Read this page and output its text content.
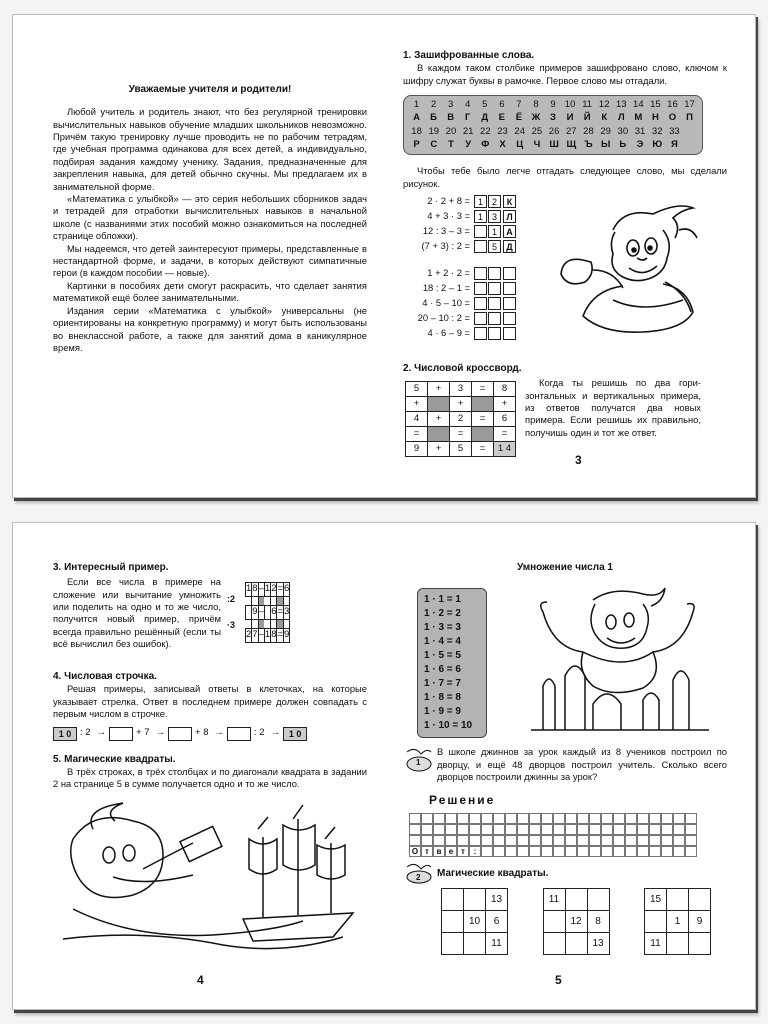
Уважаемые учителя и родители!

Любой учитель и родитель знают, что без регулярной тренировки вычислительных навыков обучение младших школьников невозможно. Причём такую тренировку лучше проводить не по рабочим тетрадям, где учебная программа одинакова для всех детей, а индивидуально, подбирая задания каждому ученику. Задания, предназначенные для закрепления навыка, для детей обычно скучны. Мы предлагаем их в занимательной форме.

«Математика с улыбкой» — это серия небольших сборников задач и тетрадей для отработки вычислительных навыков в начальной школе (с названиями этих пособий можно ознакомиться на последней странице обложки).

Мы надеемся, что детей заинтересуют примеры, представленные в нестандартной форме, и задачи, в которых действуют симпатичные герои (в каждом пособии — новые).

Картинки в пособиях дети смогут раскрасить, что сделает занятия математикой ещё более занимательными.

Издания серии «Математика с улыбкой» универсальны (не ориентированы на конкретную программу) и могут быть использованы во внеклассной работе, а также для занятий дома в каникулярное время.

1. Зашифрованные слова.

В каждом таком столбике примеров зашифровано слово, ключом к шифру служат буквы в рамочке. Первое слово мы отгадали.

1	2	3	4	5	6	7	8	9 10 11 12 13 14 15 16 17
А	Б	В	Г	Д	Е	Ё	Ж	З	И	Й	К	Л	М	Н	О	П
18 19 20 21 22 23 24 25 26 27 28 29 30 31 32 33
Р	С	Т	У	Ф	Х	Ц	Ч Ш Щ Ъ Ы Ь	Э Ю Я

Чтобы тебе было легче отгадать следующее слово, мы сделали рисунок.

2 · 2 + 8 = 1 2	К
4 + 3 · 3 = 1 3	Л
12 : 3 – 3 =	1	А
(7 + 3) : 2 =	5	Д
1 + 2 · 2 =
18 : 2 – 1 =
4 · 5 – 10 =
20 – 10 : 2 =
4 · 6 – 9 =
2. Числовой кроссворд.
5	+	3	=	8
+		+		+
4	+	2	=	6
=		=		=
9	+	5	=	1 4

Когда ты решишь по два горизонтальных и вертикальных примера, из ответов получатся два новых примера. Если решишь их правильно, получишь один и тот же ответ.

3
3. Интересный пример.

Если все числа в примере на сложение или вычитание умножить или поделить на одно и то же число, получится новый пример, причём всегда правильно решённый (если ты всё вычислил без ошибок).

:2
·3
1	8	–	1	2	=	6

	9	–		6	=	3

2	7	–	1	8	=	9
4. Числовая строчка.

Решая примеры, записывай ответы в клеточках, на которые указывает стрелка. Ответ в последнем примере должен совпадать с первым числом в строчке.

1 0 : 2 →	+ 7 →	+ 8 →	: 2 → 1 0
5. Магические квадраты.

В трёх строках, в трёх столбцах и по диагонали квадрата в задании 2 на странице 5 в сумме получается одно и то же число.

4
Умножение числа 1
1 · 1 = 1
1 · 2 = 2
1 · 3 = 3
1 · 4 = 4
1 · 5 = 5
1 · 6 = 6
1 · 7 = 7
1 · 8 = 8
1 · 9 = 9
1 · 10 = 10
1

В школе джиннов за урок каждый из 8 учеников построил по дворцу, и ещё 48 дворцов построил учитель. Сколько всего дворцов построили джинны за урок?

Решение
О т в е т	:
2 Магические квадраты.
		13
	10	6
		11
11		
	12	8
		13
15		
	1	9
11		
5
